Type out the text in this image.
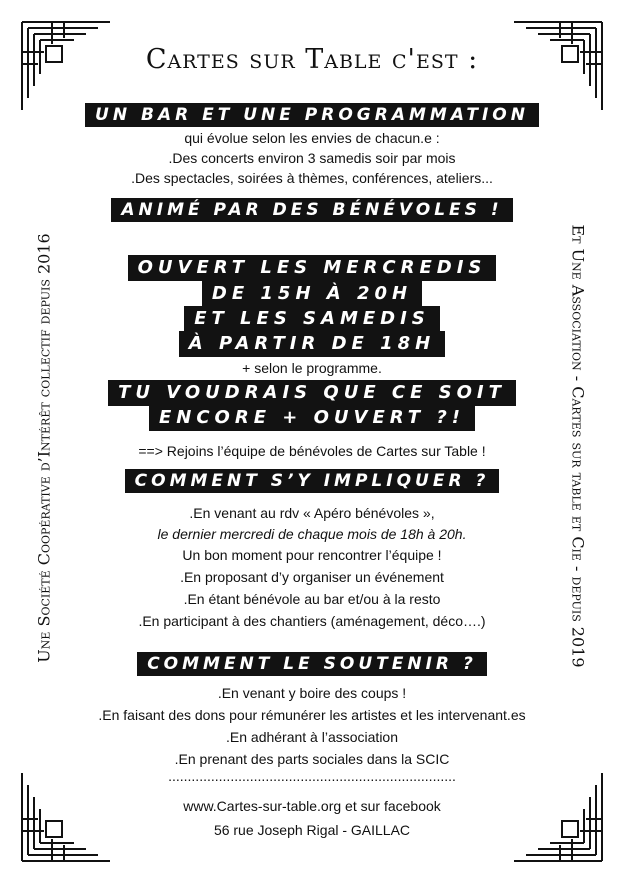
Cartes sur Table c'est :
UN BAR ET UNE PROGRAMMATION
qui évolue selon les envies de chacun.e :
.Des concerts environ 3 samedis soir par mois
.Des spectacles, soirées à thèmes, conférences, ateliers...
ANIMÉ PAR DES BÉNÉVOLES !
OUVERT LES MERCREDIS
DE 15H À 20H
ET LES SAMEDIS
À PARTIR DE 18H
+ selon le programme.
TU VOUDRAIS QUE CE SOIT
ENCORE + OUVERT ?!
==> Rejoins l’équipe de bénévoles de Cartes sur Table !
COMMENT S’Y IMPLIQUER ?
.En venant au rdv « Apéro bénévoles »,
le dernier mercredi de chaque mois de 18h à 20h.
Un bon moment pour rencontrer l’équipe !
.En proposant d’y organiser un événement
.En étant bénévole au bar et/ou à la resto
.En participant à des chantiers (aménagement, déco….)
COMMENT LE SOUTENIR ?
.En venant y boire des coups !
.En faisant des dons pour rémunérer les artistes et les intervenant.es
.En adhérant à l’association
.En prenant des parts sociales dans la SCIC
..........................................................................
www.Cartes-sur-table.org et sur facebook
56 rue Joseph Rigal - GAILLAC
Une Société Coopérative d’Intérêt collectif depuis 2016	Et Une Association - Cartes sur table et Cie - depuis 2019
